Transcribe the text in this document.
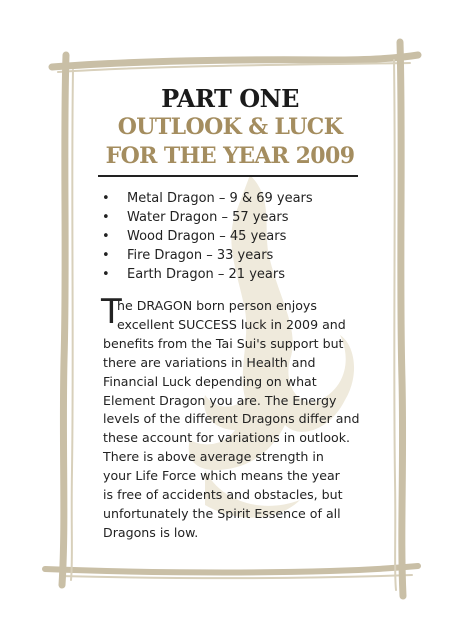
PART ONE
OUTLOOK & LUCK
FOR THE YEAR 2009
• Metal Dragon – 9 & 69 years
• Water Dragon – 57 years
• Wood Dragon – 45 years
• Fire Dragon – 33 years
• Earth Dragon – 21 years
T
he DRAGON born person enjoys
excellent SUCCESS luck in 2009 and
benefits from the Tai Sui's support but
there are variations in Health and
Financial Luck depending on what
Element Dragon you are. The Energy
levels of the different Dragons differ and
these account for variations in outlook.
There is above average strength in
your Life Force which means the year
is free of accidents and obstacles, but
unfortunately the Spirit Essence of all
Dragons is low.
